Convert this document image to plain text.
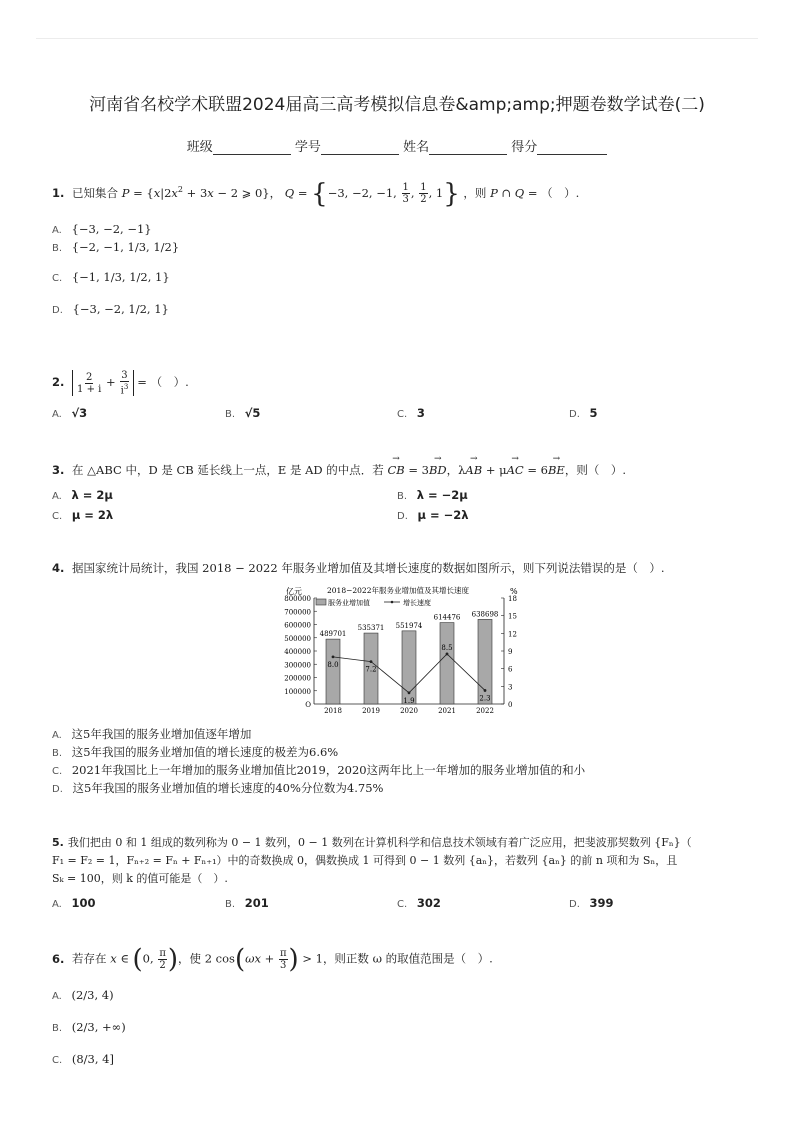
河南省名校学术联盟2024届高三高考模拟信息卷&amp;amp;押题卷数学试卷(二)
班级	学号	姓名	得分
1. 已知集合 $P = \{x|2x^2 + 3x - 2$ ⩾ 0}， Q = {−3, −2, −1, $\frac{1}{3}$ , $\frac{1}{2}$ , 1} ，则 P ∩ Q = （　）.
A. {−3, −2, −1}
B. {−2, −1, 1/3, 1/2}
C. {−1, 1/3, 1/2, 1}
D. {−3, −2, 1/2, 1}
2. $\frac{2}{1 + i} + \frac{3}{i^3}$ = （　）.
A. √3	B. √5	C. 3	D. 5
3. 在 △ABC 中，D 是 CB 延长线上一点，E 是 AD 的中点．若 → CB = 3→ BD，λ→ AB + μ→ AC = 6→ BE，则（　）.
A. λ = 2μ	B. λ = −2μ
C. μ = 2λ	D. μ = −2λ
4. 据国家统计局统计，我国 2018 − 2022 年服务业增加值及其增长速度的数据如图所示，则下列说法错误的是（　）.
亿元	%
2018−2022年服务业增加值及其增长速度
服务业增加值	增长速度
800000
700000
600000
500000
400000
300000
200000
100000
O
18
15
12
9
6
3
0
489701
535371 551974
614476 638698
8.0
7.2
1.9
8.5
2.3
2018	2019	2020	2021	2022
A. 这5年我国的服务业增加值逐年增加
B. 这5年我国的服务业增加值的增长速度的极差为6.6%
C. 2021年我国比上一年增加的服务业增加值比2019，2020这两年比上一年增加的服务业增加值的和小
D. 这5年我国的服务业增加值的增长速度的40%分位数为4.75%
5. 我们把由 0 和 1 组成的数列称为 0 − 1 数列，0 − 1 数列在计算机科学和信息技术领域有着广泛应用，把斐波那契数列 {Fₙ}（
F₁ = F₂ = 1，Fₙ₊₂ = Fₙ + Fₙ₊₁）中的奇数换成 0，偶数换成 1 可得到 0 − 1 数列 {aₙ}，若数列 {aₙ} 的前 n 项和为 Sₙ，且
Sₖ = 100，则 k 的值可能是（　）.
A. 100	B. 201	C. 302	D. 399
6. 若存在 x ∈ (0, $\frac{\pi}{2}$ )，使 2 $\cos(\omega x + \frac{\pi}{3}$ ) > 1，则正数 ω 的取值范围是（　）.
A. (2/3, 4)
B. (2/3, +∞)
C. (8/3, 4]
